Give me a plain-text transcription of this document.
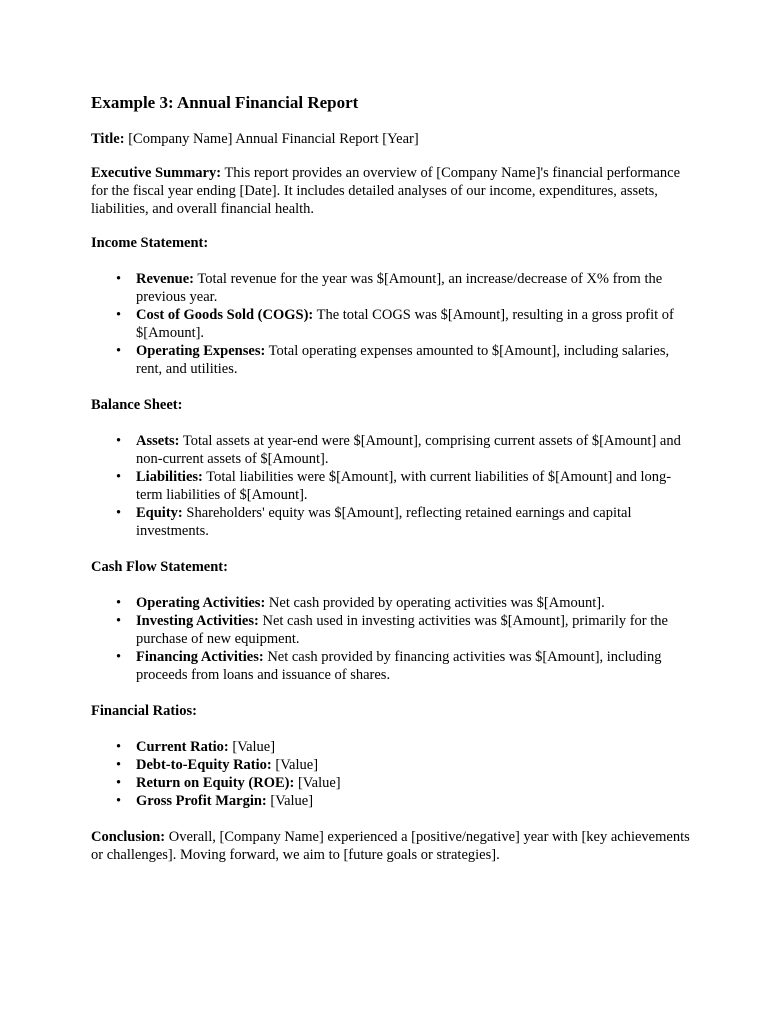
Example 3: Annual Financial Report

Title: [Company Name] Annual Financial Report [Year]

Executive Summary: This report provides an overview of [Company Name]'s financial performance for the fiscal year ending [Date]. It includes detailed analyses of our income, expenditures, assets, liabilities, and overall financial health.

Income Statement:
• Revenue: Total revenue for the year was $[Amount], an increase/decrease of X% from the previous year.
• Cost of Goods Sold (COGS): The total COGS was $[Amount], resulting in a gross profit of $[Amount].
• Operating Expenses: Total operating expenses amounted to $[Amount], including salaries, rent, and utilities.
Balance Sheet:
• Assets: Total assets at year-end were $[Amount], comprising current assets of $[Amount] and non-current assets of $[Amount].
• Liabilities: Total liabilities were $[Amount], with current liabilities of $[Amount] and long-term liabilities of $[Amount].
• Equity: Shareholders' equity was $[Amount], reflecting retained earnings and capital investments.
Cash Flow Statement:
• Operating Activities: Net cash provided by operating activities was $[Amount].
• Investing Activities: Net cash used in investing activities was $[Amount], primarily for the purchase of new equipment.
• Financing Activities: Net cash provided by financing activities was $[Amount], including proceeds from loans and issuance of shares.
Financial Ratios:
• Current Ratio: [Value]
• Debt-to-Equity Ratio: [Value]
• Return on Equity (ROE): [Value]
• Gross Profit Margin: [Value]

Conclusion: Overall, [Company Name] experienced a [positive/negative] year with [key achievements or challenges]. Moving forward, we aim to [future goals or strategies].
